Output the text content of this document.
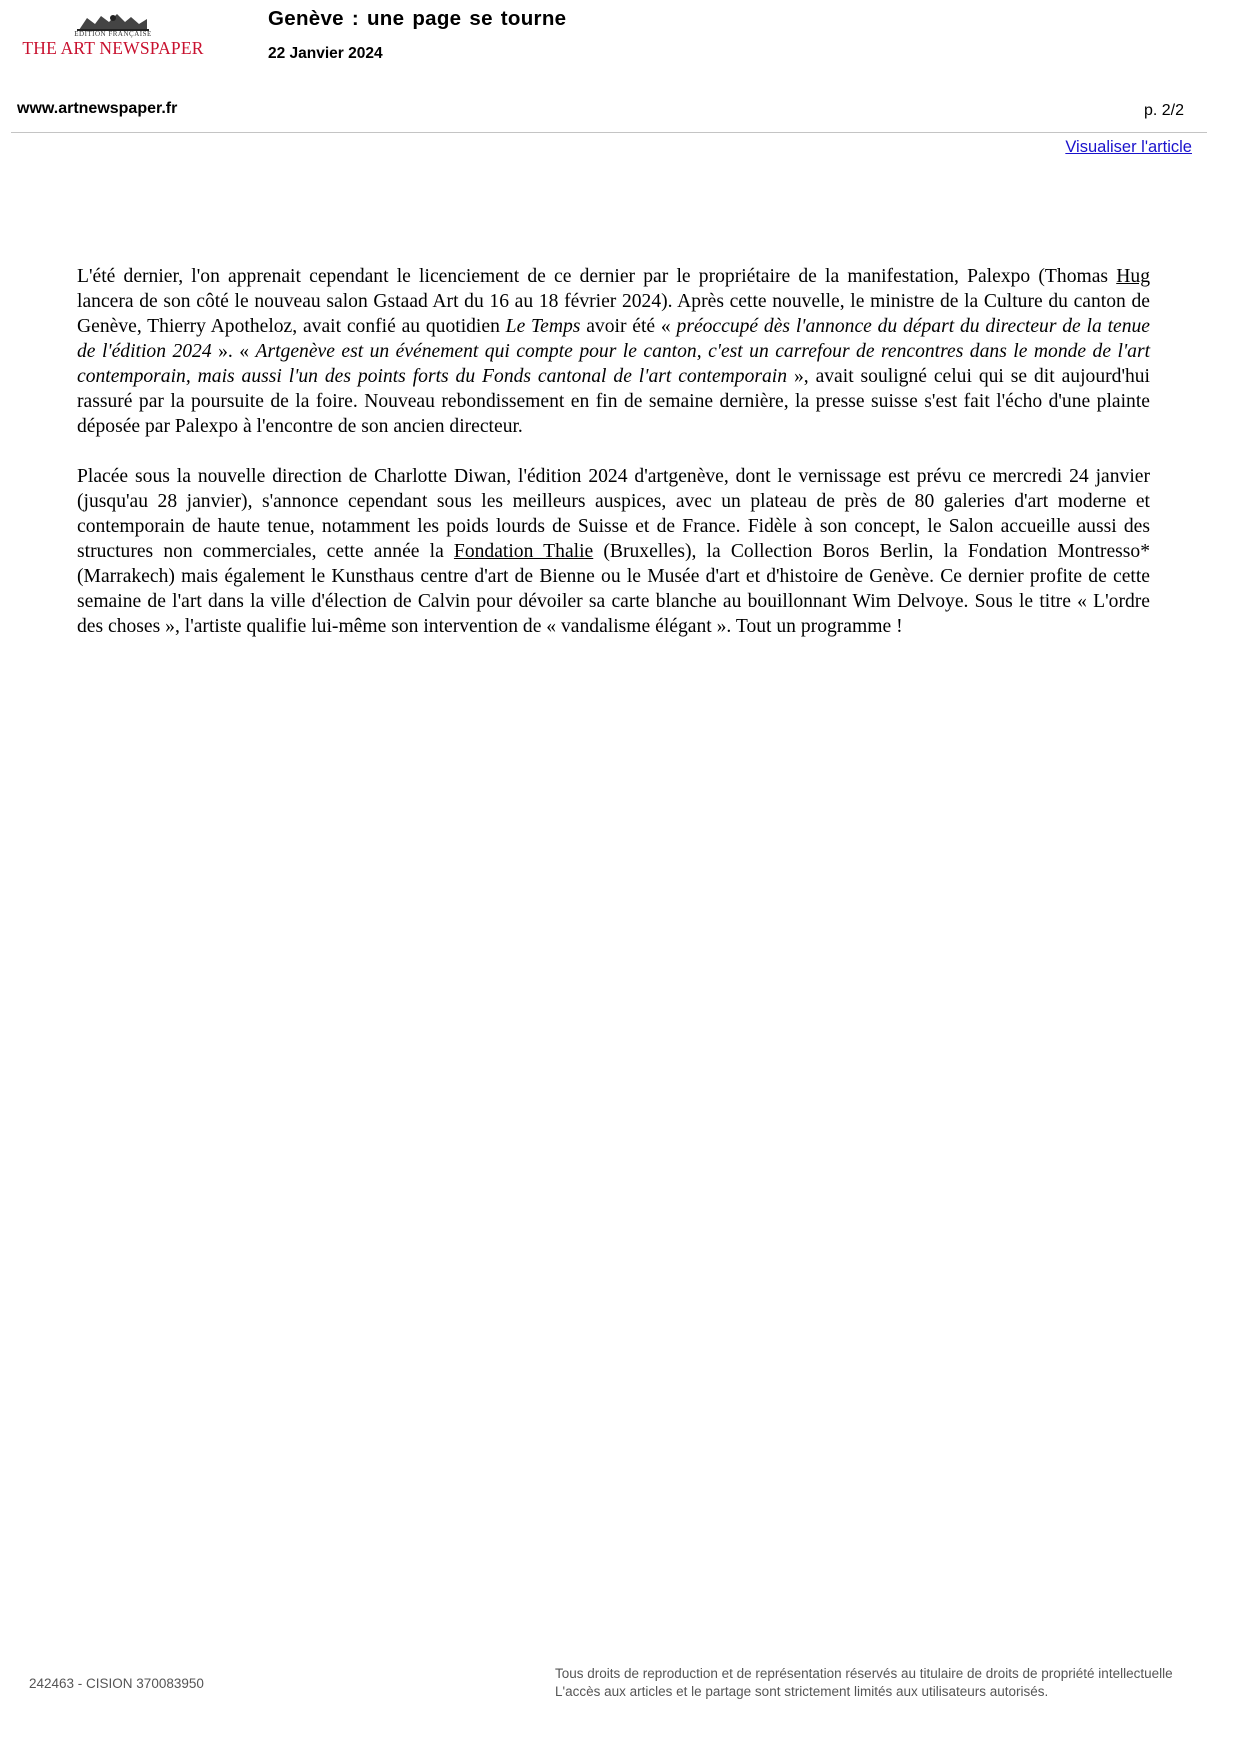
EDITION FRANÇAISE
THE ART NEWSPAPER
Genève : une page se tourne
22 Janvier 2024
www.artnewspaper.fr	p. 2/2
Visualiser l'article

L'été dernier, l'on apprenait cependant le licenciement de ce dernier par le propriétaire de la manifestation, Palexpo (Thomas Hug lancera de son côté le nouveau salon Gstaad Art du 16 au 18 février 2024). Après cette nouvelle, le ministre de la Culture du canton de Genève, Thierry Apotheloz, avait confié au quotidien Le Temps avoir été « préoccupé dès l'annonce du départ du directeur de la tenue de l'édition 2024 ». « Artgenève est un événement qui compte pour le canton, c'est un carrefour de rencontres dans le monde de l'art contemporain, mais aussi l'un des points forts du Fonds cantonal de l'art contemporain », avait souligné celui qui se dit aujourd'hui rassuré par la poursuite de la foire. Nouveau rebondissement en fin de semaine dernière, la presse suisse s'est fait l'écho d'une plainte déposée par Palexpo à l'encontre de son ancien directeur.

Placée sous la nouvelle direction de Charlotte Diwan, l'édition 2024 d'artgenève, dont le vernissage est prévu ce mercredi 24 janvier (jusqu'au 28 janvier), s'annonce cependant sous les meilleurs auspices, avec un plateau de près de 80 galeries d'art moderne et contemporain de haute tenue, notamment les poids lourds de Suisse et de France. Fidèle à son concept, le Salon accueille aussi des structures non commerciales, cette année la Fondation Thalie (Bruxelles), la Collection Boros Berlin, la Fondation Montresso* (Marrakech) mais également le Kunsthaus centre d'art de Bienne ou le Musée d'art et d'histoire de Genève. Ce dernier profite de cette semaine de l'art dans la ville d'élection de Calvin pour dévoiler sa carte blanche au bouillonnant Wim Delvoye. Sous le titre « L'ordre des choses », l'artiste qualifie lui-même son intervention de « vandalisme élégant ». Tout un programme !

242463 - CISION 370083950
Tous droits de reproduction et de représentation réservés au titulaire de droits de propriété intellectuelle
L'accès aux articles et le partage sont strictement limités aux utilisateurs autorisés.
